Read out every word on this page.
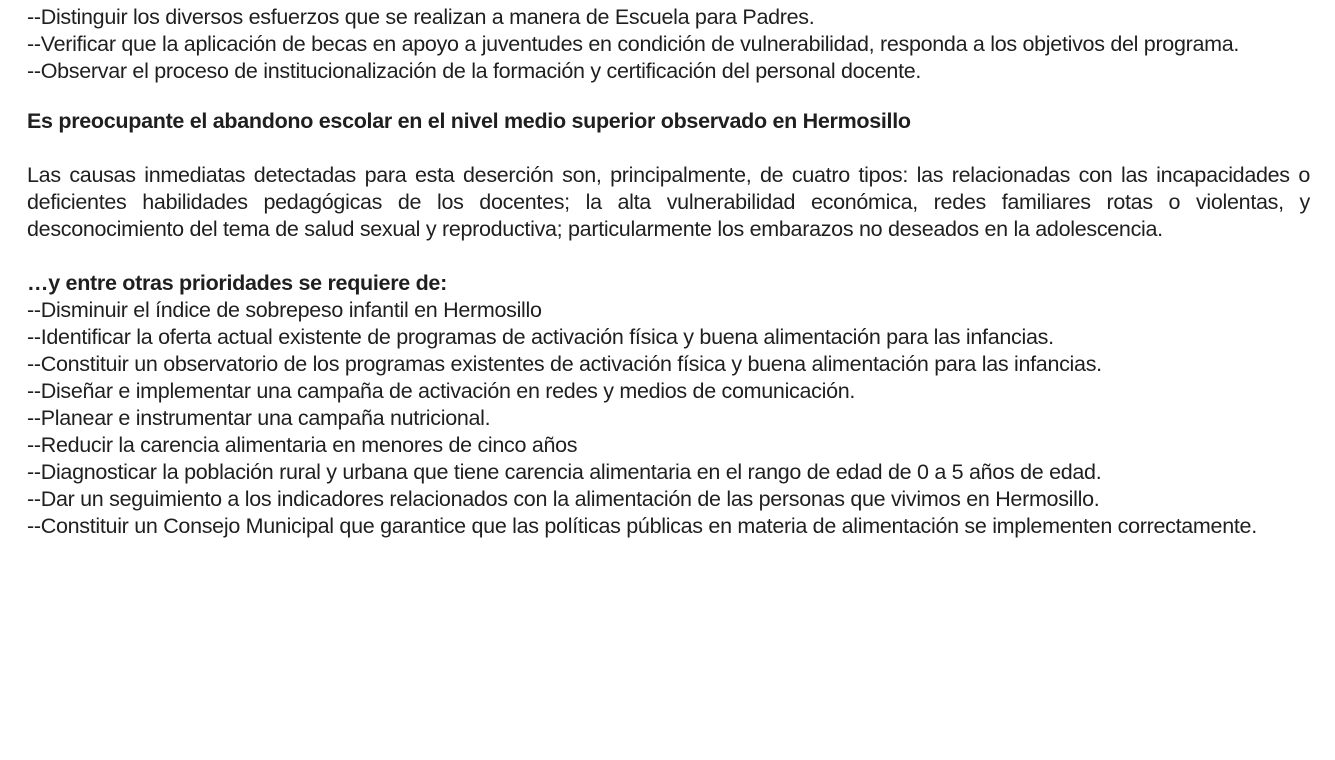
--Distinguir los diversos esfuerzos que se realizan a manera de Escuela para Padres.
--Verificar que la aplicación de becas en apoyo a juventudes en condición de vulnerabilidad, responda a los objetivos del programa.
--Observar el proceso de institucionalización de la formación y certificación del personal docente.
Es preocupante el abandono escolar en el nivel medio superior observado en Hermosillo
Las causas inmediatas detectadas para esta deserción son, principalmente, de cuatro tipos: las relacionadas con las incapacidades o deficientes habilidades pedagógicas de los docentes; la alta vulnerabilidad económica, redes familiares rotas o violentas, y desconocimiento del tema de salud sexual y reproductiva; particularmente los embarazos no deseados en la adolescencia.
…y entre otras prioridades se requiere de:
--Disminuir el índice de sobrepeso infantil en Hermosillo
--Identificar la oferta actual existente de programas de activación física y buena alimentación para las infancias.
--Constituir un observatorio de los programas existentes de activación física y buena alimentación para las infancias.
--Diseñar e implementar una campaña de activación en redes y medios de comunicación.
--Planear e instrumentar una campaña nutricional.
--Reducir la carencia alimentaria en menores de cinco años
--Diagnosticar la población rural y urbana que tiene carencia alimentaria en el rango de edad de 0 a 5 años de edad.
--Dar un seguimiento a los indicadores relacionados con la alimentación de las personas que vivimos en Hermosillo.
--Constituir un Consejo Municipal que garantice que las políticas públicas en materia de alimentación se implementen correctamente.
